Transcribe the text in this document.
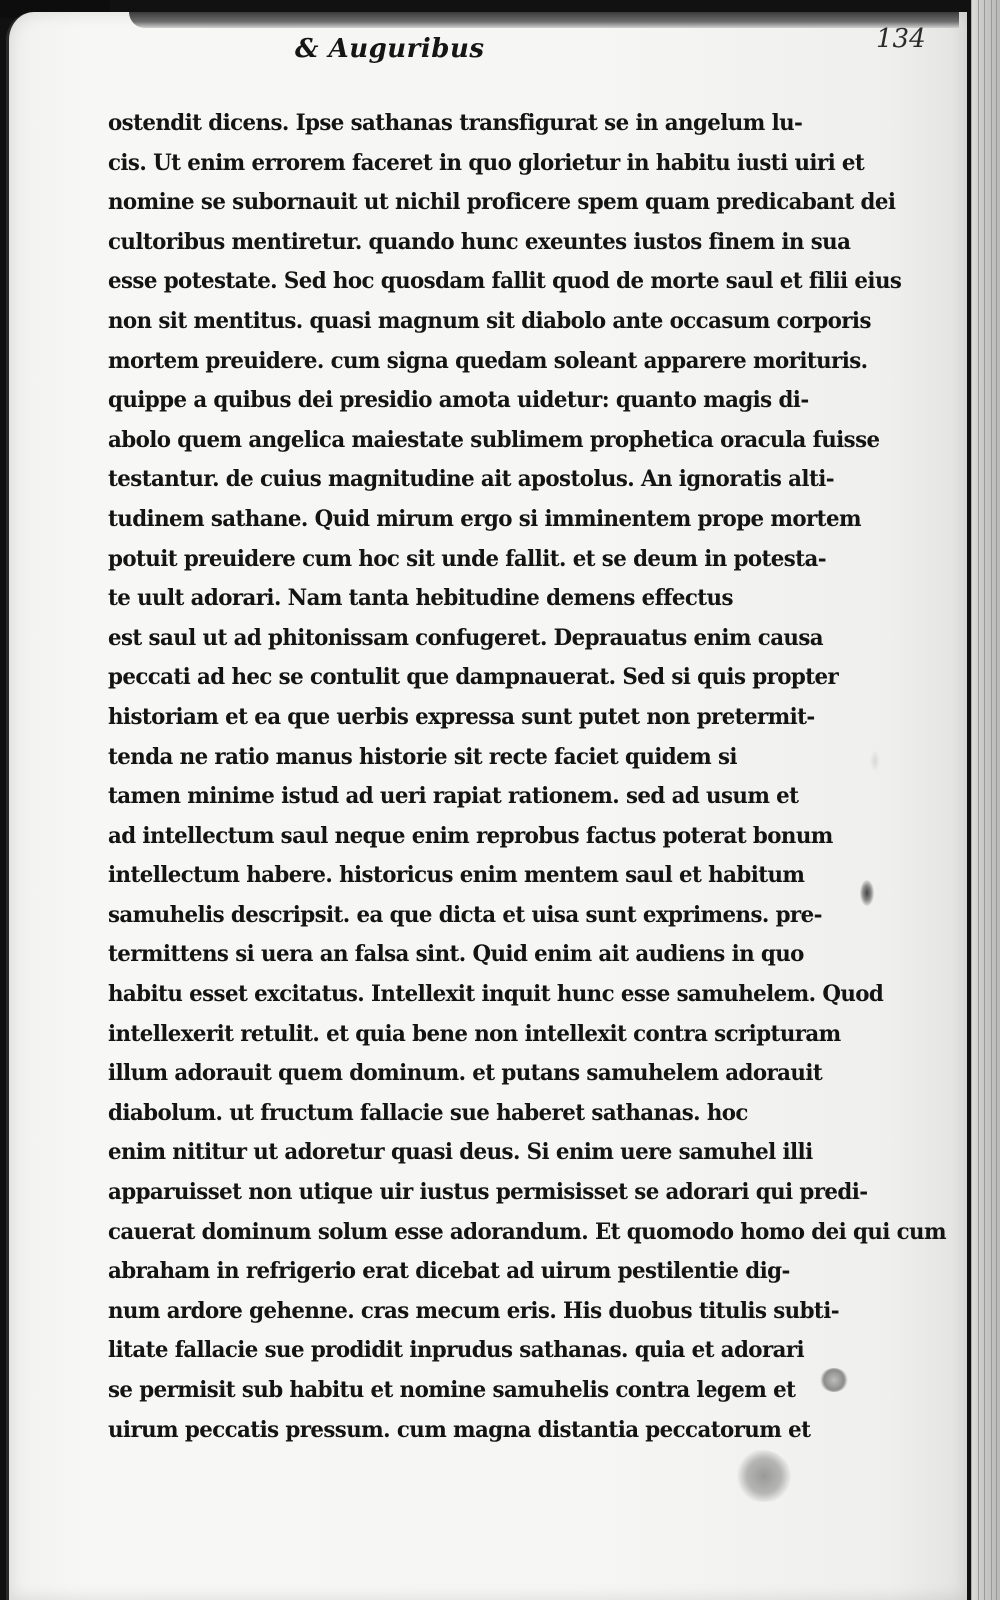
& Auguribus	134
ostendit dicens. Ipse sathanas transfigurat se in angelum lu-
cis. Ut enim errorem faceret in quo glorietur in habitu iusti uiri et
nomine se subornauit ut nichil proficere spem quam predicabant dei
cultoribus mentiretur. quando hunc exeuntes iustos finem in sua
esse potestate. Sed hoc quosdam fallit quod de morte saul et filii eius
non sit mentitus. quasi magnum sit diabolo ante occasum corporis
mortem preuidere. cum signa quedam soleant apparere morituris.
quippe a quibus dei presidio amota uidetur: quanto magis di-
abolo quem angelica maiestate sublimem prophetica oracula fuisse
testantur. de cuius magnitudine ait apostolus. An ignoratis alti-
tudinem sathane. Quid mirum ergo si imminentem prope mortem
potuit preuidere cum hoc sit unde fallit. et se deum in potesta-
te uult adorari. Nam tanta hebitudine demens effectus
est saul ut ad phitonissam confugeret. Deprauatus enim causa
peccati ad hec se contulit que dampnauerat. Sed si quis propter
historiam et ea que uerbis expressa sunt putet non pretermit-
tenda ne ratio manus historie sit recte faciet quidem si
tamen minime istud ad ueri rapiat rationem. sed ad usum et
ad intellectum saul neque enim reprobus factus poterat bonum
intellectum habere. historicus enim mentem saul et habitum
samuhelis descripsit. ea que dicta et uisa sunt exprimens. pre-
termittens si uera an falsa sint. Quid enim ait audiens in quo
habitu esset excitatus. Intellexit inquit hunc esse samuhelem. Quod
intellexerit retulit. et quia bene non intellexit contra scripturam
illum adorauit quem dominum. et putans samuhelem adorauit
diabolum. ut fructum fallacie sue haberet sathanas. hoc
enim nititur ut adoretur quasi deus. Si enim uere samuhel illi
apparuisset non utique uir iustus permisisset se adorari qui predi-
cauerat dominum solum esse adorandum. Et quomodo homo dei qui cum
abraham in refrigerio erat dicebat ad uirum pestilentie dig-
num ardore gehenne. cras mecum eris. His duobus titulis subti-
litate fallacie sue prodidit inprudus sathanas. quia et adorari
se permisit sub habitu et nomine samuhelis contra legem et
uirum peccatis pressum. cum magna distantia peccatorum et
